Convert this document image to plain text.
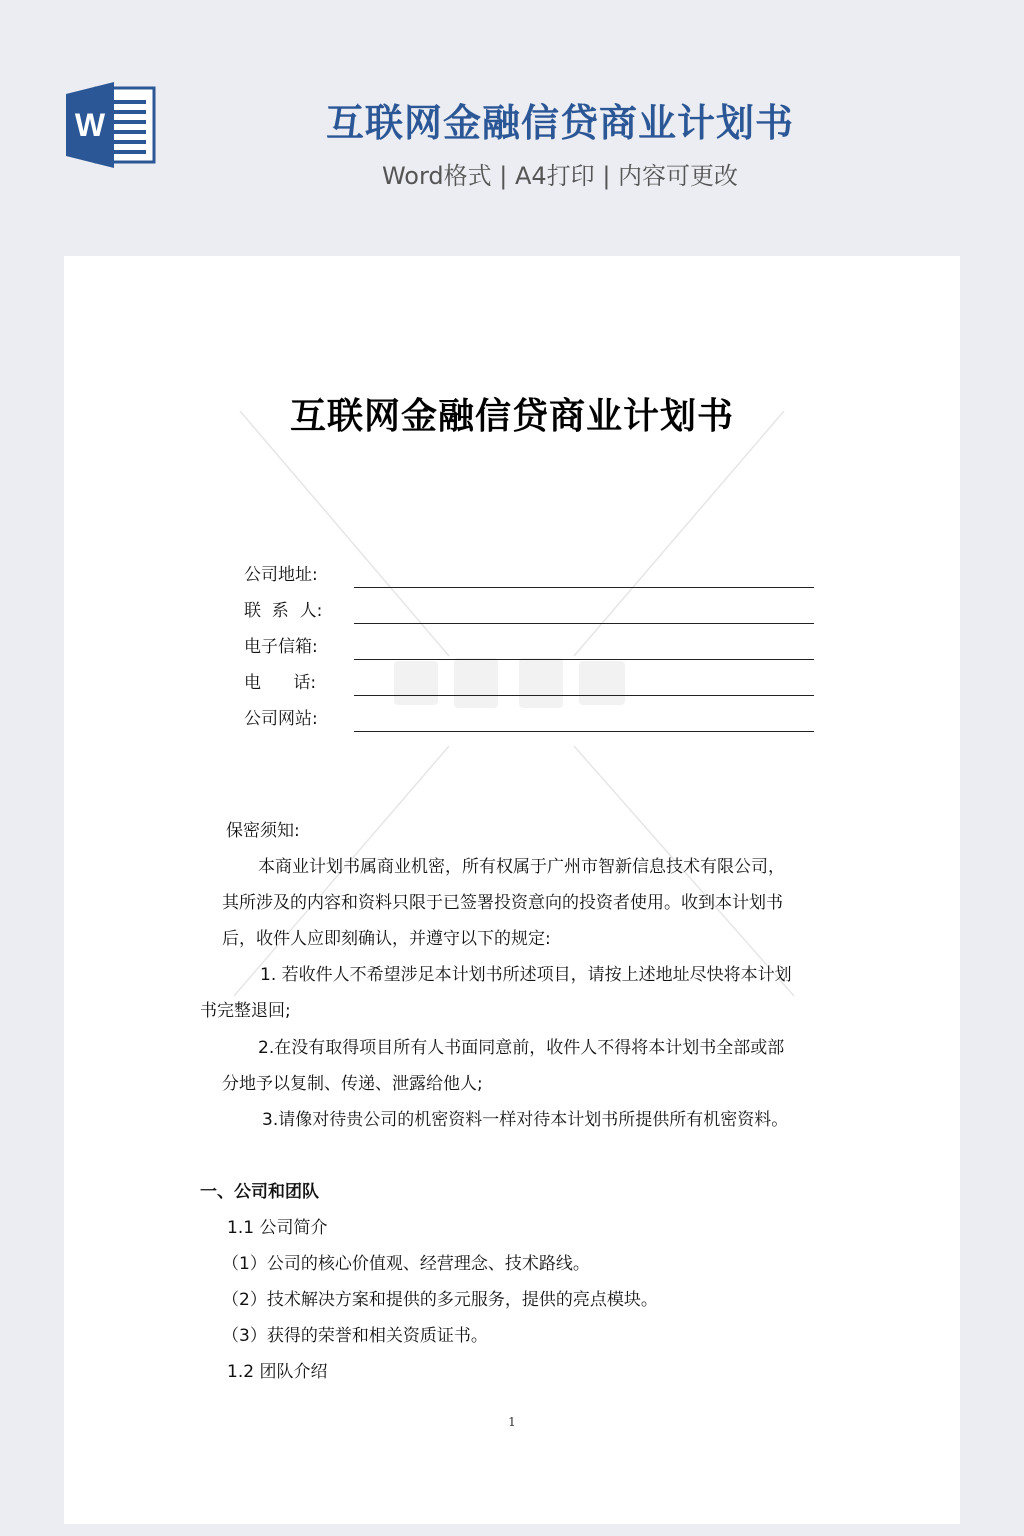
W	互联网金融信贷商业计划书
Word格式 | A4打印 | 内容可更改
互联网金融信贷商业计划书
公司地址:
联  系  人:
电子信箱:
电      话:
公司网站:
保密须知:
本商业计划书属商业机密，所有权属于广州市智新信息技术有限公司，
其所涉及的内容和资料只限于已签署投资意向的投资者使用。收到本计划书
后，收件人应即刻确认，并遵守以下的规定:
1. 若收件人不希望涉足本计划书所述项目，请按上述地址尽快将本计划
书完整退回;
2.在没有取得项目所有人书面同意前，收件人不得将本计划书全部或部
分地予以复制、传递、泄露给他人;
3.请像对待贵公司的机密资料一样对待本计划书所提供所有机密资料。
一、公司和团队
1.1 公司简介
（1）公司的核心价值观、经营理念、技术路线。
（2）技术解决方案和提供的多元服务，提供的亮点模块。
（3）获得的荣誉和相关资质证书。
1.2 团队介绍
1
